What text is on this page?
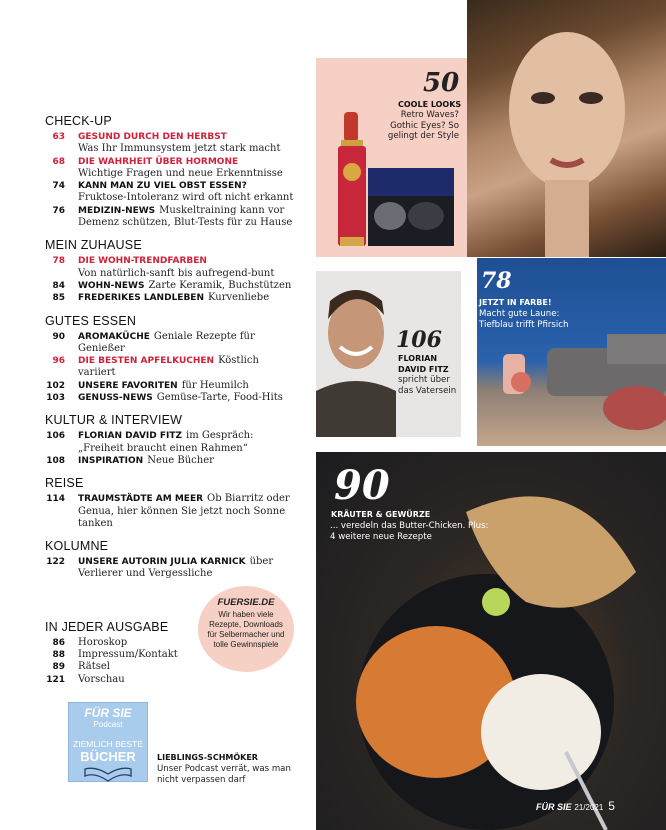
CHECK-UP
63 GESUND DURCH DEN HERBST
Was Ihr Immunsystem jetzt stark macht
68 DIE WAHRHEIT ÜBER HORMONE
Wichtige Fragen und neue Erkenntnisse
74 KANN MAN ZU VIEL OBST ESSEN?
Fruktose-Intoleranz wird oft nicht erkannt
76 MEDIZIN-NEWS Muskeltraining kann vor
Demenz schützen, Blut-Tests für zu Hause
MEIN ZUHAUSE
78 DIE WOHN-TRENDFARBEN
Von natürlich-sanft bis aufregend-bunt
84 WOHN-NEWS Zarte Keramik, Buchstützen
85 FREDERIKES LANDLEBEN Kurvenliebe
GUTES ESSEN
90 AROMAKÜCHE Geniale Rezepte für Genießer
96 DIE BESTEN APFELKUCHEN Köstlich variiert
102 UNSERE FAVORITEN für Heumilch
103 GENUSS-NEWS Gemüse-Tarte, Food-Hits
KULTUR & INTERVIEW
106 FLORIAN DAVID FITZ im Gespräch:
„Freiheit braucht einen Rahmen“
108 INSPIRATION Neue Bücher
REISE
114 TRAUMSTÄDTE AM MEER Ob Biarritz oder
Genua, hier können Sie jetzt noch Sonne tanken
KOLUMNE
122 UNSERE AUTORIN JULIA KARNICK über
Verlierer und Vergessliche
IN JEDER AUSGABE
86 Horoskop
88 Impressum/Kontakt
89 Rätsel
121 Vorschau
50
COOLE LOOKS
Retro Waves? Gothic Eyes? So gelingt der Style
106
FLORIAN DAVID FITZ
spricht über das Vatersein
78
JETZT IN FARBE!
Macht gute Laune: Tiefblau trifft Pfirsich
90
KRÄUTER & GEWÜRZE
... veredeln das Butter-Chicken. Plus: 4 weitere neue Rezepte
FUERSIE.DE
Wir haben viele Rezepte, Downloads für Selbermacher und tolle Gewinnspiele
FÜR SIE
Podcast
ZIEMLICH BESTE
BÜCHER	LIEBLINGS-SCHMÖKER
Unser Podcast verrät, was man nicht verpassen darf
FÜR SIE 21/2021 5
